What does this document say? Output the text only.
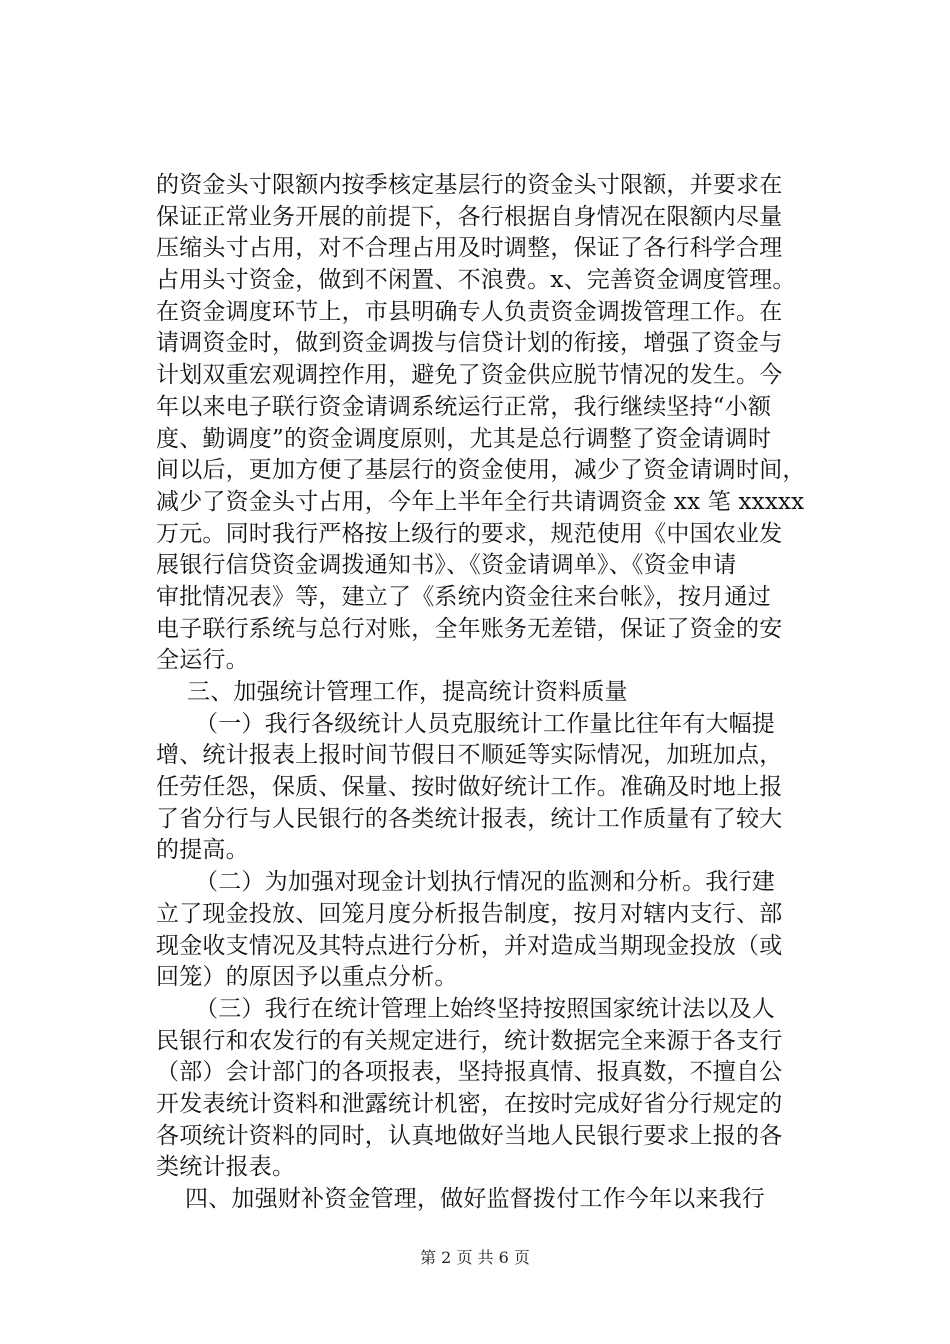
的资金头寸限额内按季核定基层行的资金头寸限额，并要求在
保证正常业务开展的前提下，各行根据自身情况在限额内尽量
压缩头寸占用，对不合理占用及时调整，保证了各行科学合理
占用头寸资金，做到不闲置、不浪费。x、完善资金调度管理。
在资金调度环节上，市县明确专人负责资金调拨管理工作。在
请调资金时，做到资金调拨与信贷计划的衔接，增强了资金与
计划双重宏观调控作用，避免了资金供应脱节情况的发生。今
年以来电子联行资金请调系统运行正常，我行继续坚持“小额
度、勤调度”的资金调度原则，尤其是总行调整了资金请调时
间以后，更加方便了基层行的资金使用，减少了资金请调时间，
减少了资金头寸占用，今年上半年全行共请调资金 xx 笔 xxxxx
万元。同时我行严格按上级行的要求，规范使用《中国农业发
展银行信贷资金调拨通知书》、《资金请调单》、《资金申请
审批情况表》等，建立了《系统内资金往来台帐》，按月通过
电子联行系统与总行对账，全年账务无差错，保证了资金的安
全运行。
三、加强统计管理工作，提高统计资料质量
（一）我行各级统计人员克服统计工作量比往年有大幅提
增、统计报表上报时间节假日不顺延等实际情况，加班加点，
任劳任怨，保质、保量、按时做好统计工作。准确及时地上报
了省分行与人民银行的各类统计报表，统计工作质量有了较大
的提高。
（二）为加强对现金计划执行情况的监测和分析。我行建
立了现金投放、回笼月度分析报告制度，按月对辖内支行、部
现金收支情况及其特点进行分析，并对造成当期现金投放（或
回笼）的原因予以重点分析。
（三）我行在统计管理上始终坚持按照国家统计法以及人
民银行和农发行的有关规定进行，统计数据完全来源于各支行
（部）会计部门的各项报表，坚持报真情、报真数，不擅自公
开发表统计资料和泄露统计机密，在按时完成好省分行规定的
各项统计资料的同时，认真地做好当地人民银行要求上报的各
类统计报表。
四、加强财补资金管理，做好监督拨付工作今年以来我行
第 2 页 共 6 页
